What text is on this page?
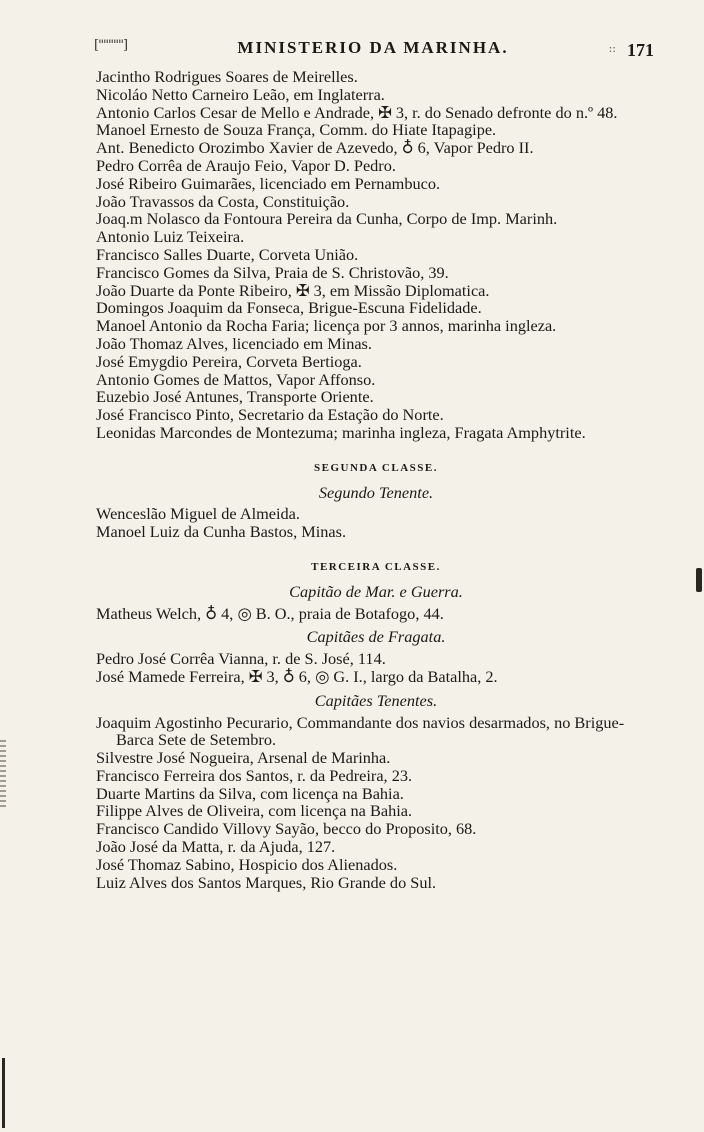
["""""]	MINISTERIO DA MARINHA.	:: 171

Jacintho Rodrigues Soares de Meirelles.

Nicoláo Netto Carneiro Leão, em Inglaterra.

Antonio Carlos Cesar de Mello e Andrade, ✠ 3, r. do Senado defronte do n.º 48.

Manoel Ernesto de Souza França, Comm. do Hiate Itapagipe.

Ant. Benedicto Orozimbo Xavier de Azevedo, ♁ 6, Vapor Pedro II.

Pedro Corrêa de Araujo Feio, Vapor D. Pedro.

José Ribeiro Guimarães, licenciado em Pernambuco.

João Travassos da Costa, Constituição.

Joaq.m Nolasco da Fontoura Pereira da Cunha, Corpo de Imp. Marinh.

Antonio Luiz Teixeira.

Francisco Salles Duarte, Corveta União.

Francisco Gomes da Silva, Praia de S. Christovão, 39.

João Duarte da Ponte Ribeiro, ✠ 3, em Missão Diplomatica.

Domingos Joaquim da Fonseca, Brigue-Escuna Fidelidade.

Manoel Antonio da Rocha Faria; licença por 3 annos, marinha ingleza.

João Thomaz Alves, licenciado em Minas.

José Emygdio Pereira, Corveta Bertioga.

Antonio Gomes de Mattos, Vapor Affonso.

Euzebio José Antunes, Transporte Oriente.

José Francisco Pinto, Secretario da Estação do Norte.

Leonidas Marcondes de Montezuma; marinha ingleza, Fragata Amphytrite.

SEGUNDA CLASSE.
Segundo Tenente.

Wenceslão Miguel de Almeida.

Manoel Luiz da Cunha Bastos, Minas.

TERCEIRA CLASSE.
Capitão de Mar. e Guerra.

Matheus Welch, ♁ 4, ◎ B. O., praia de Botafogo, 44.

Capitães de Fragata.

Pedro José Corrêa Vianna, r. de S. José, 114.

José Mamede Ferreira, ✠ 3, ♁ 6, ◎ G. I., largo da Batalha, 2.

Capitães Tenentes.

Joaquim Agostinho Pecurario, Commandante dos navios desarmados, no Brigue-Barca Sete de Setembro.

Silvestre José Nogueira, Arsenal de Marinha.

Francisco Ferreira dos Santos, r. da Pedreira, 23.

Duarte Martins da Silva, com licença na Bahia.

Filippe Alves de Oliveira, com licença na Bahia.

Francisco Candido Villovy Sayão, becco do Proposito, 68.

João José da Matta, r. da Ajuda, 127.

José Thomaz Sabino, Hospicio dos Alienados.

Luiz Alves dos Santos Marques, Rio Grande do Sul.
